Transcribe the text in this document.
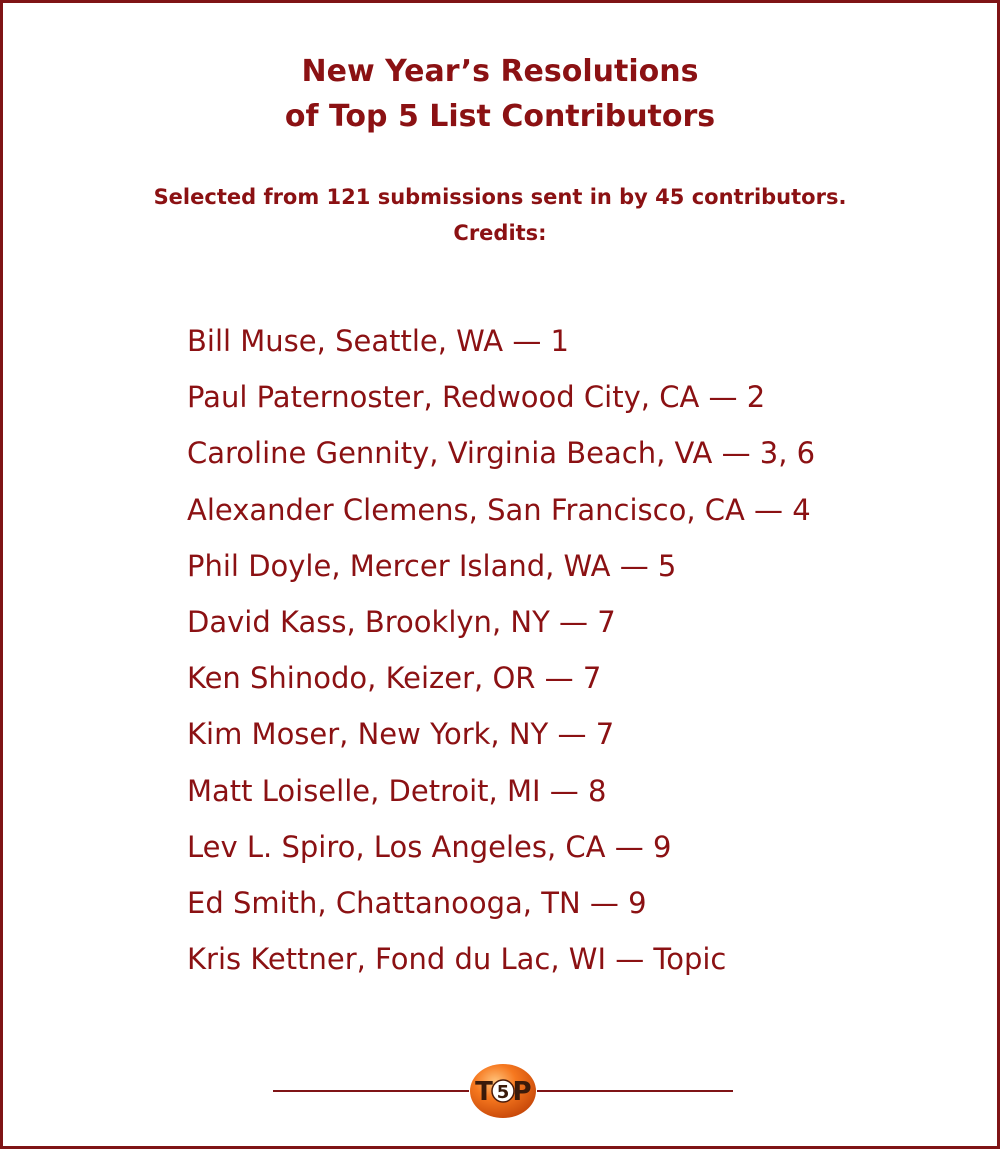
New Year’s Resolutions
of Top 5 List Contributors
Selected from 121 submissions sent in by 45 contributors.
Credits:
Bill Muse, Seattle, WA — 1
Paul Paternoster, Redwood City, CA — 2
Caroline Gennity, Virginia Beach, VA — 3, 6
Alexander Clemens, San Francisco, CA — 4
Phil Doyle, Mercer Island, WA — 5
David Kass, Brooklyn, NY — 7
Ken Shinodo, Keizer, OR — 7
Kim Moser, New York, NY — 7
Matt Loiselle, Detroit, MI — 8
Lev L. Spiro, Los Angeles, CA — 9
Ed Smith, Chattanooga, TN — 9
Kris Kettner, Fond du Lac, WI — Topic
T 5 P
